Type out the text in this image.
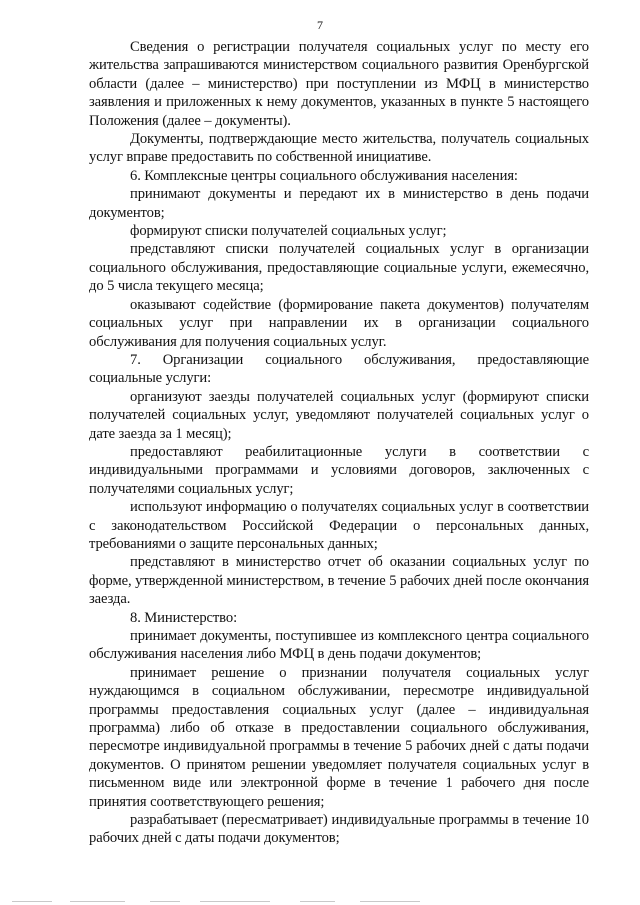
7

Сведения о регистрации получателя социальных услуг по месту его жительства запрашиваются министерством социального развития Оренбургской области (далее – министерство) при поступлении из МФЦ в министерство заявления и приложенных к нему документов, указанных в пункте 5 настоящего Положения (далее – документы).

Документы, подтверждающие место жительства, получатель социальных услуг вправе предоставить по собственной инициативе.

6. Комплексные центры социального обслуживания населения:

принимают документы и передают их в министерство в день подачи документов;

формируют списки получателей социальных услуг;

представляют списки получателей социальных услуг в организации социального обслуживания, предоставляющие социальные услуги, ежемесячно, до 5 числа текущего месяца;

оказывают содействие (формирование пакета документов) получателям социальных услуг при направлении их в организации социального обслуживания для получения социальных услуг.

7. Организации социального обслуживания, предоставляющие социальные услуги:

организуют заезды получателей социальных услуг (формируют списки получателей социальных услуг, уведомляют получателей социальных услуг о дате заезда за 1 месяц);

предоставляют реабилитационные услуги в соответствии с индивидуальными программами и условиями договоров, заключенных с получателями социальных услуг;

используют информацию о получателях социальных услуг в соответствии с законодательством Российской Федерации о персональных данных, требованиями о защите персональных данных;

представляют в министерство отчет об оказании социальных услуг по форме, утвержденной министерством, в течение 5 рабочих дней после окончания заезда.

8. Министерство:

принимает документы, поступившее из комплексного центра социального обслуживания населения либо МФЦ в день подачи документов;

принимает решение о признании получателя социальных услуг нуждающимся в социальном обслуживании, пересмотре индивидуальной программы предоставления социальных услуг (далее – индивидуальная программа) либо об отказе в предоставлении социального обслуживания, пересмотре индивидуальной программы в течение 5 рабочих дней с даты подачи документов. О принятом решении уведомляет получателя социальных услуг в письменном виде или электронной форме в течение 1 рабочего дня после принятия соответствующего решения;

разрабатывает (пересматривает) индивидуальные программы в течение 10 рабочих дней с даты подачи документов;
